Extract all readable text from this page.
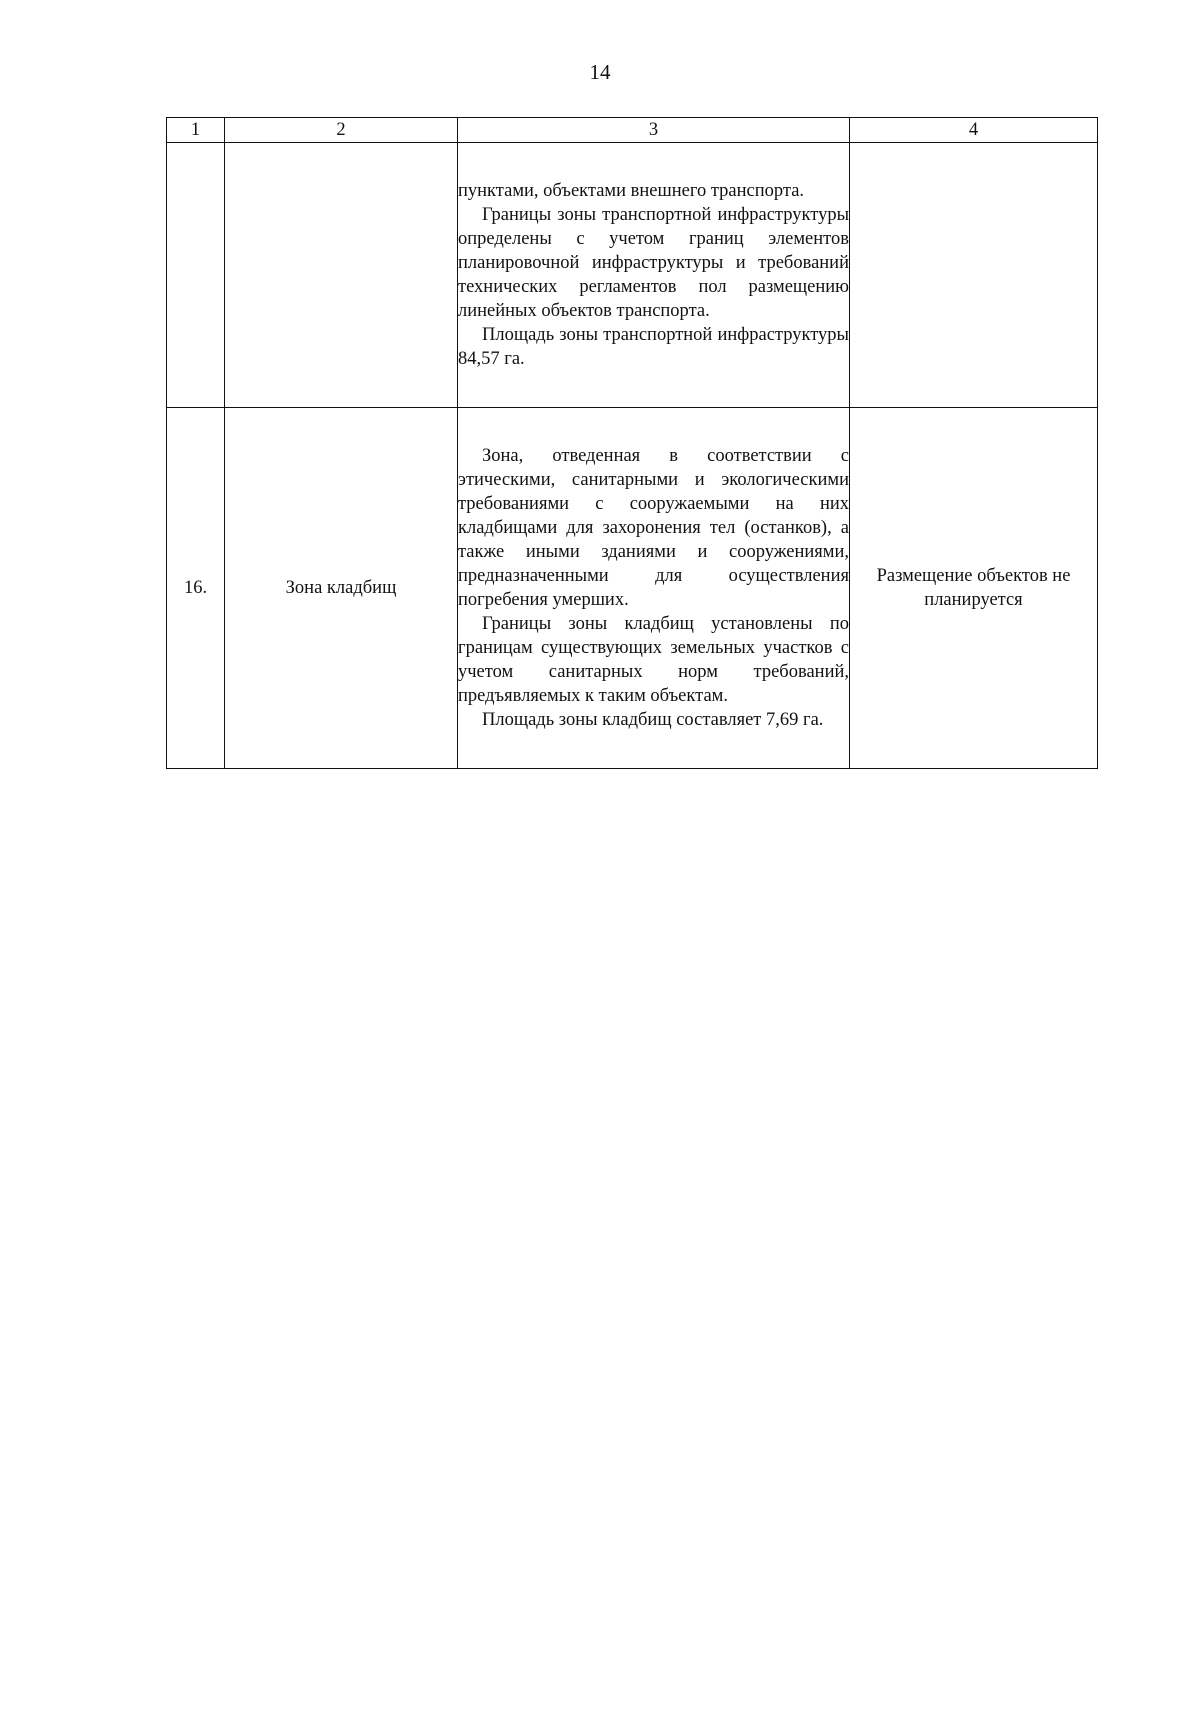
14
1	2	3	4

		пунктами, объектами внешнего транспорта.

Границы зоны транспортной инфраструктуры определены с учетом границ элементов планировочной инфраструктуры и требований технических регламентов пол размещению линейных объектов транспорта.

Площадь зоны транспортной инфраструктуры 84,57 га.	

16.	Зона кладбищ	Зона, отведенная в соответствии с этическими, санитарными и экологическими требованиями с сооружаемыми на них кладбищами для захоронения тел (останков), а также иными зданиями и сооружениями, предназначенными для осуществления погребения умерших.

Границы зоны кладбищ установлены по границам существующих земельных участков с учетом санитарных норм требований, предъявляемых к таким объектам.

Площадь зоны кладбищ составляет 7,69 га.	Размещение объектов не планируется
